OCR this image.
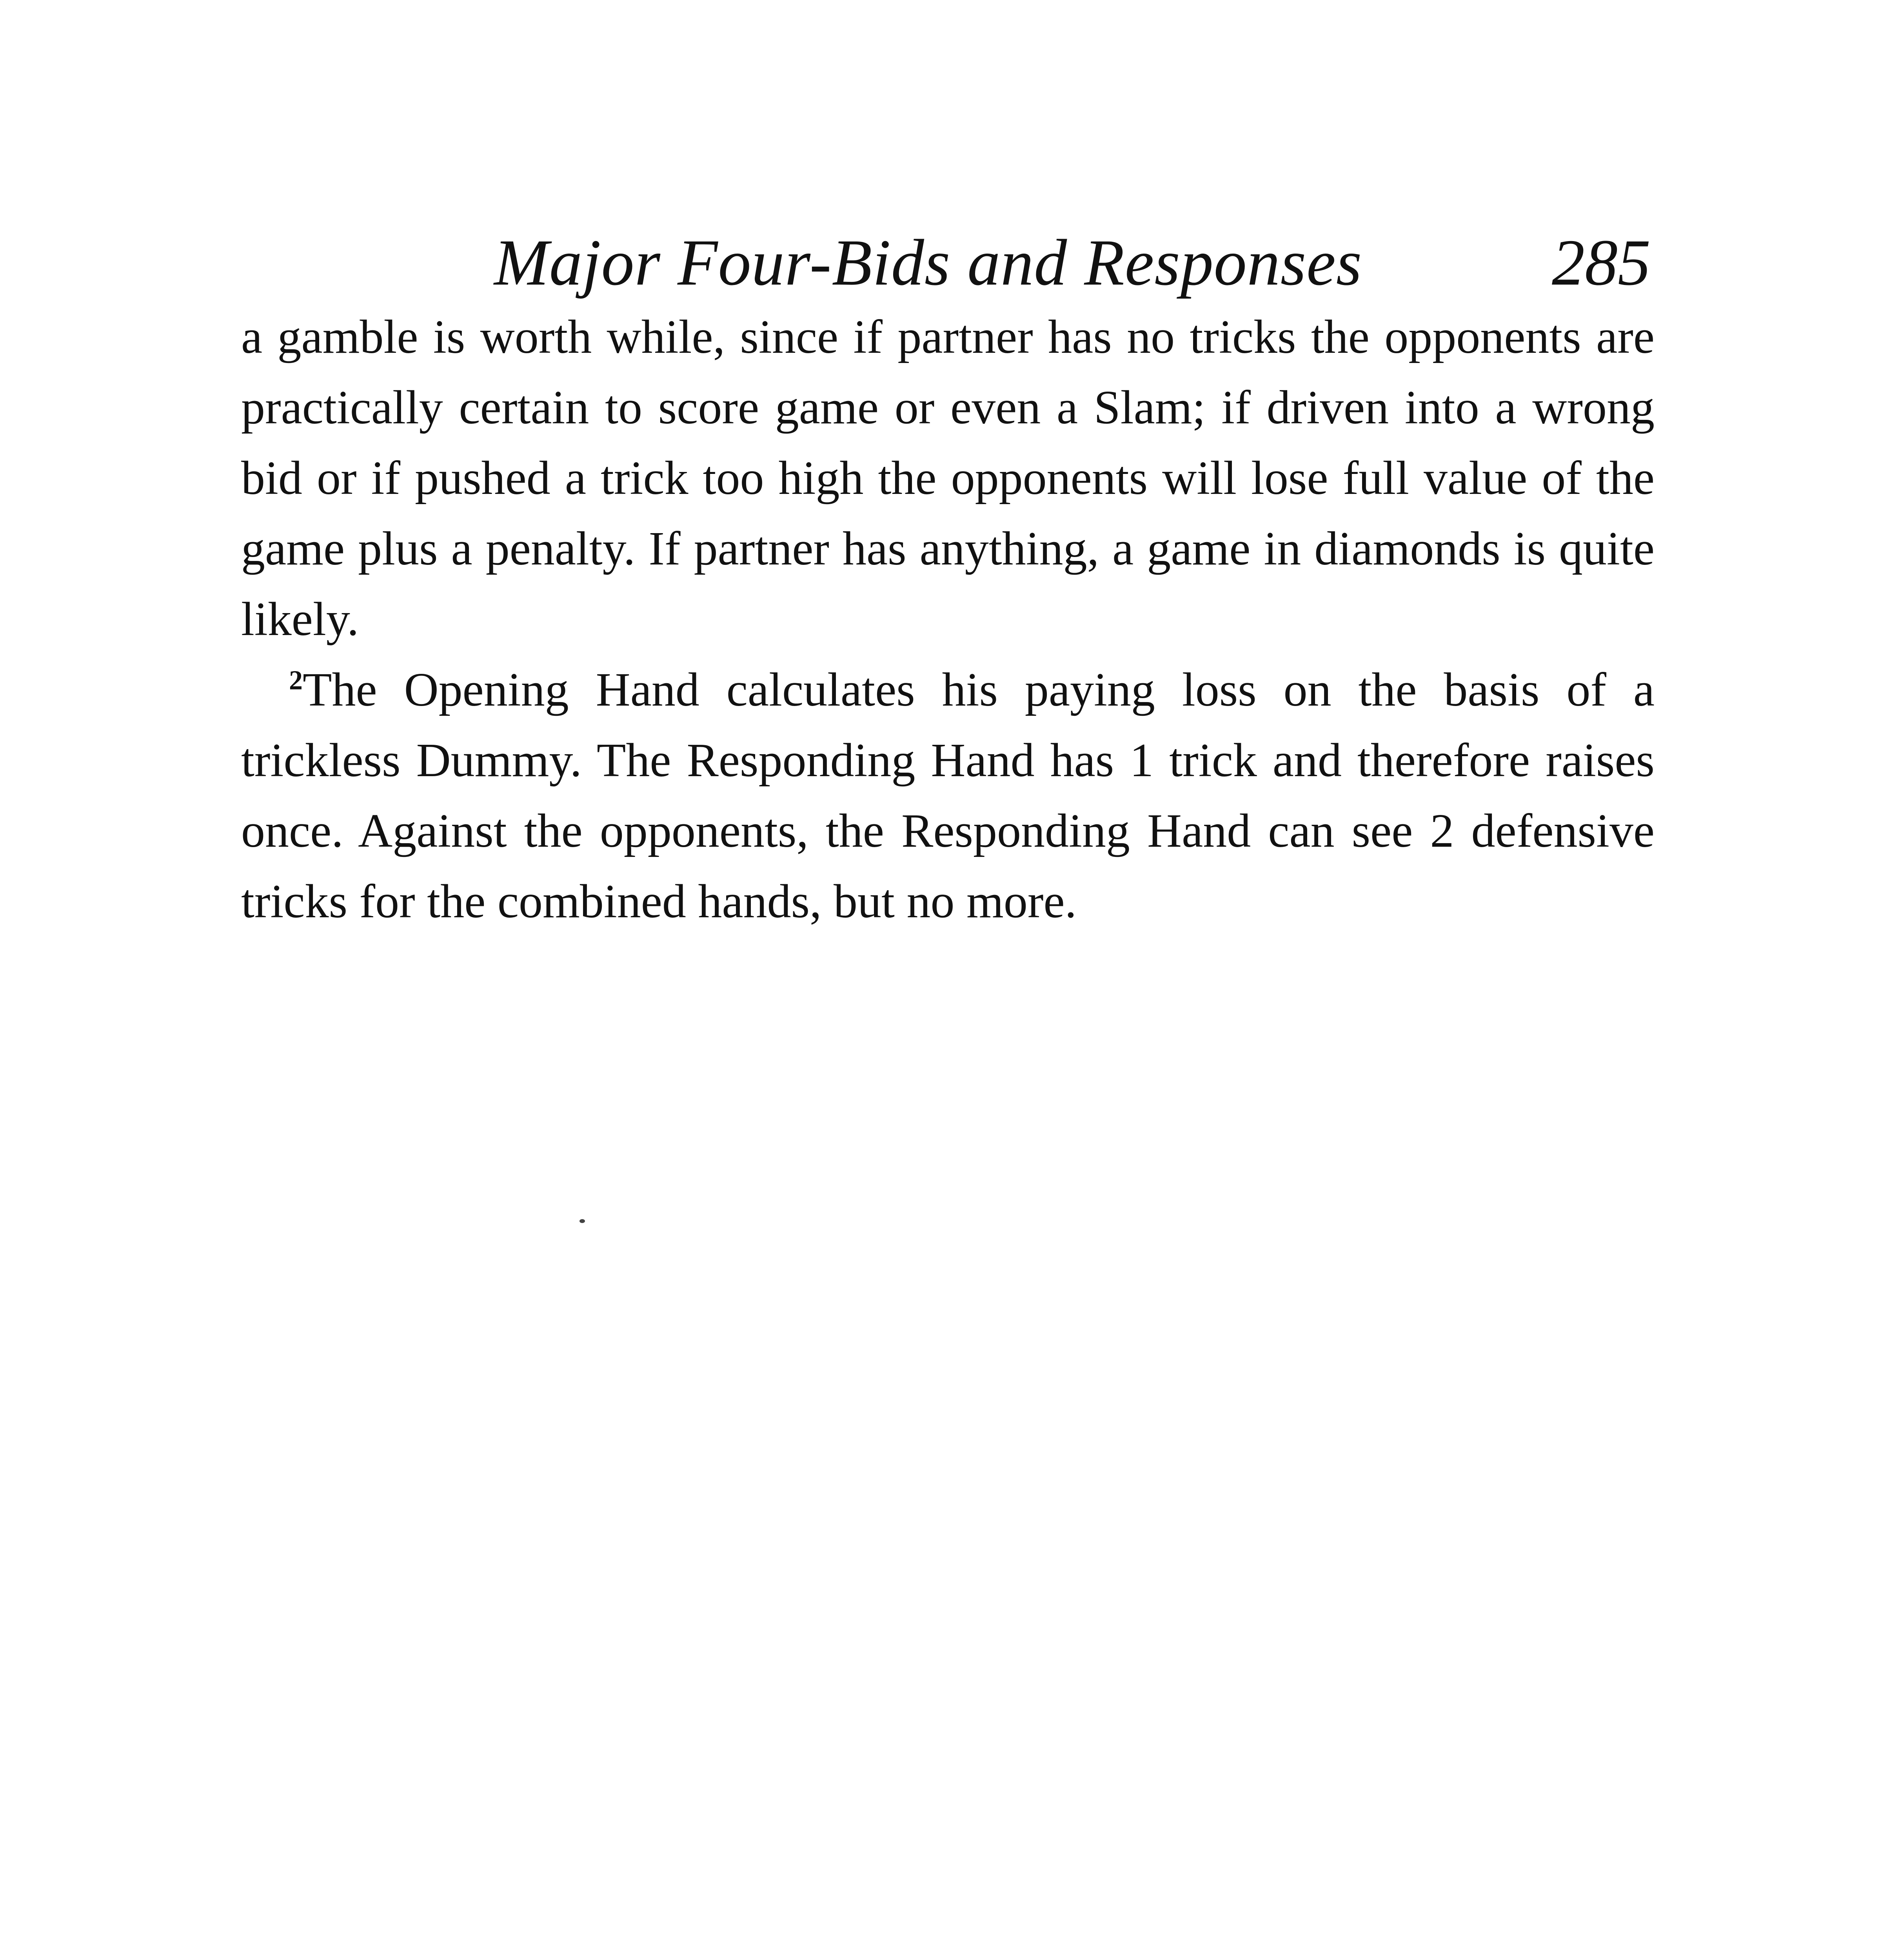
Major Four-Bids and Responses	285

a gamble is worth while, since if partner has no tricks the opponents are practically certain to score game or even a Slam; if driven into a wrong bid or if pushed a trick too high the opponents will lose full value of the game plus a penalty. If partner has anything, a game in diamonds is quite likely.

 $^2$The Opening Hand calculates his paying loss on the basis of a trickless Dummy. The Responding Hand has 1 trick and therefore raises once. Against the opponents, the Responding Hand can see 2 defensive tricks for the combined hands, but no more.
